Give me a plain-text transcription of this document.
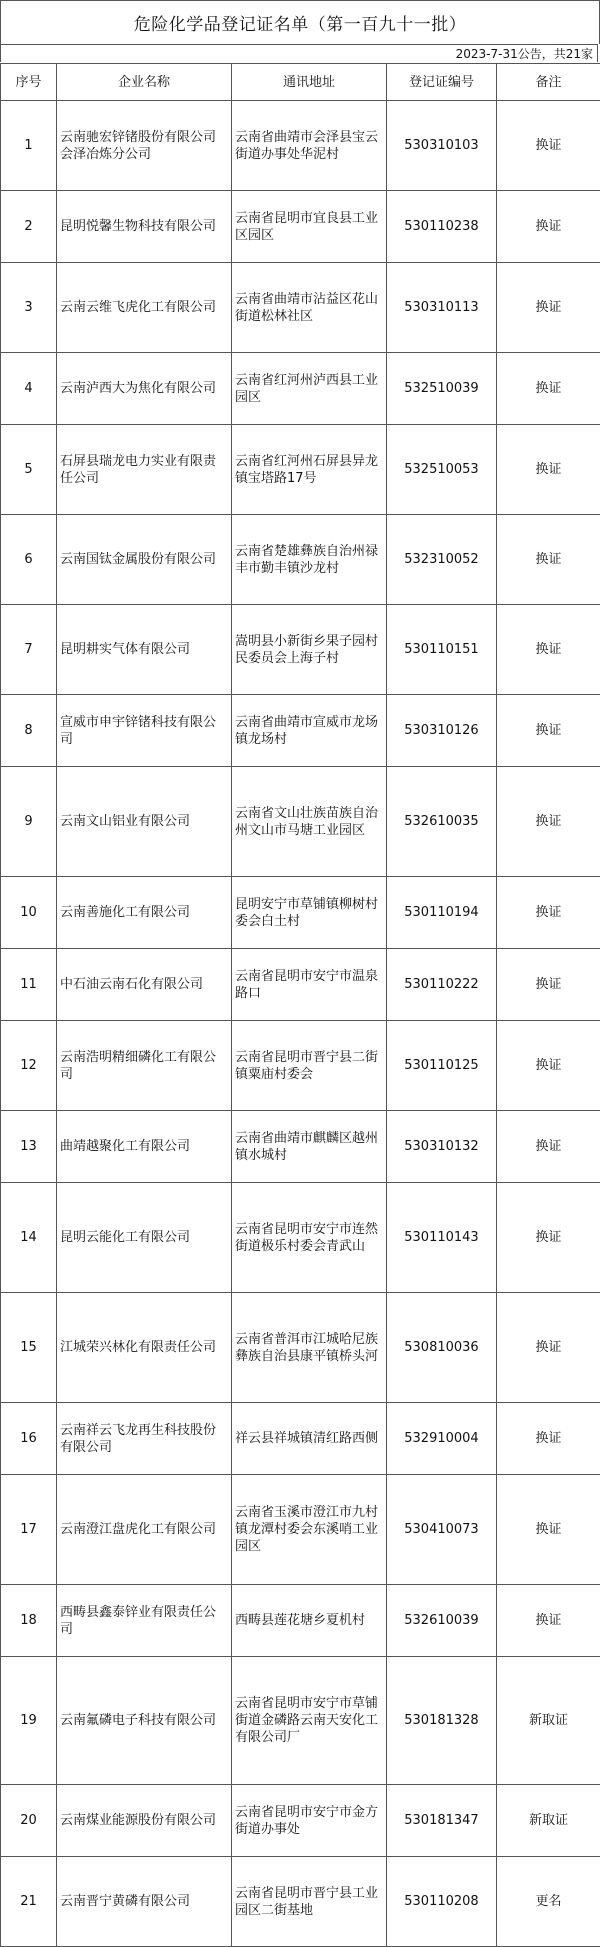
危险化学品登记证名单（第一百九十一批）
2023-7-31公告，共21家
序号	企业名称	通讯地址	登记证编号	备注
1	云南驰宏锌锗股份有限公司会泽冶炼分公司	云南省曲靖市会泽县宝云街道办事处华泥村	530310103	换证
2	昆明悦馨生物科技有限公司	云南省昆明市宜良县工业区园区	530110238	换证
3	云南云维飞虎化工有限公司	云南省曲靖市沾益区花山街道松林社区	530310113	换证
4	云南泸西大为焦化有限公司	云南省红河州泸西县工业园区	532510039	换证
5	石屏县瑞龙电力实业有限责任公司	云南省红河州石屏县异龙镇宝塔路17号	532510053	换证
6	云南国钛金属股份有限公司	云南省楚雄彝族自治州禄丰市勤丰镇沙龙村	532310052	换证
7	昆明耕实气体有限公司	嵩明县小新街乡果子园村民委员会上海子村	530110151	换证
8	宣威市申宇锌锗科技有限公司	云南省曲靖市宣威市龙场镇龙场村	530310126	换证
9	云南文山铝业有限公司	云南省文山壮族苗族自治州文山市马塘工业园区	532610035	换证
10	云南善施化工有限公司	昆明安宁市草铺镇柳树村委会白土村	530110194	换证
11	中石油云南石化有限公司	云南省昆明市安宁市温泉路口	530110222	换证
12	云南浩明精细磷化工有限公司	云南省昆明市晋宁县二街镇粟庙村委会	530110125	换证
13	曲靖越聚化工有限公司	云南省曲靖市麒麟区越州镇水城村	530310132	换证
14	昆明云能化工有限公司	云南省昆明市安宁市连然街道极乐村委会青武山	530110143	换证
15	江城荣兴林化有限责任公司	云南省普洱市江城哈尼族彝族自治县康平镇桥头河	530810036	换证
16	云南祥云飞龙再生科技股份有限公司	祥云县祥城镇清红路西侧	532910004	换证
17	云南澄江盘虎化工有限公司	云南省玉溪市澄江市九村镇龙潭村委会东溪哨工业园区	530410073	换证
18	西畴县鑫泰锌业有限责任公司	西畴县莲花塘乡夏机村	532610039	换证
19	云南氟磷电子科技有限公司	云南省昆明市安宁市草铺街道金磷路云南天安化工有限公司厂	530181328	新取证
20	云南煤业能源股份有限公司	云南省昆明市安宁市金方街道办事处	530181347	新取证
21	云南晋宁黄磷有限公司	云南省昆明市晋宁县工业园区二街基地	530110208	更名
